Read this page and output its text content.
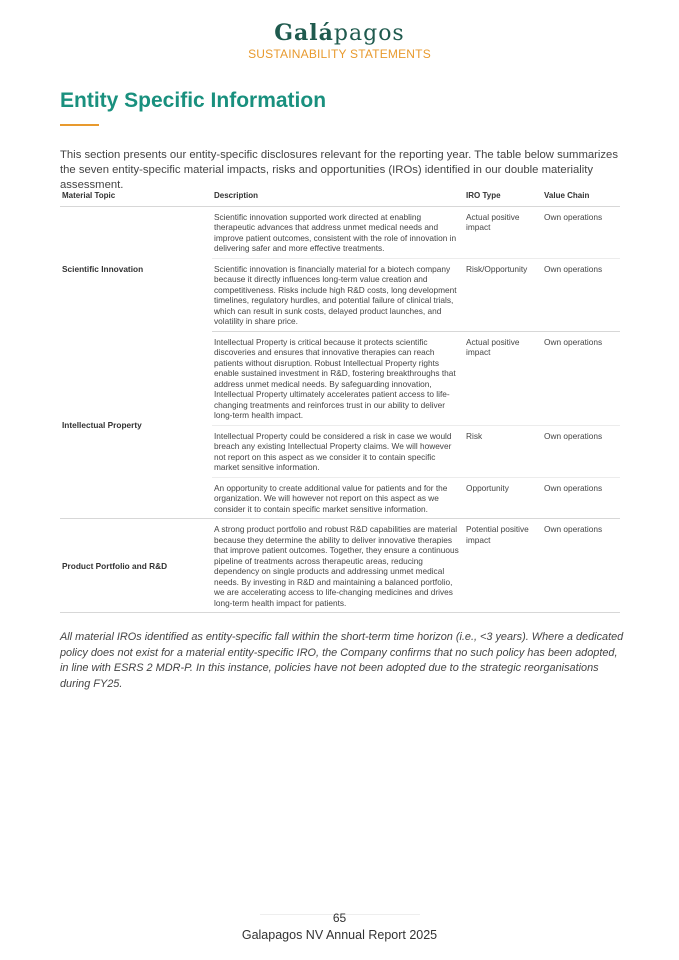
Galápagos
SUSTAINABILITY STATEMENTS
Entity Specific Information

This section presents our entity‑specific disclosures relevant for the reporting year. The table below summarizes the seven entity-specific material impacts, risks and opportunities (IROs) identified in our double materiality assessment.

Material Topic	Description	IRO Type	Value Chain
Scientific Innovation	Scientific innovation supported work directed at enabling therapeutic advances that address unmet medical needs and improve patient outcomes, consistent with the role of innovation in delivering safer and more effective treatments.	Actual positive impact	Own operations
	Scientific innovation is financially material for a biotech company because it directly influences long-term value creation and competitiveness. Risks include high R&D costs, long development timelines, regulatory hurdles, and potential failure of clinical trials, which can result in sunk costs, delayed product launches, and volatility in share price.	Risk/Opportunity	Own operations
Intellectual Property	Intellectual Property is critical because it protects scientific discoveries and ensures that innovative therapies can reach patients without disruption. Robust Intellectual Property rights enable sustained investment in R&D, fostering breakthroughs that address unmet medical needs. By safeguarding innovation, Intellectual Property ultimately accelerates patient access to life-changing treatments and reinforces trust in our ability to deliver long-term health impact.	Actual positive impact	Own operations
	Intellectual Property could be considered a risk in case we would breach any existing Intellectual Property claims. We will however not report on this aspect as we consider it to contain specific market sensitive information.	Risk	Own operations
	An opportunity to create additional value for patients and for the organization. We will however not report on this aspect as we consider it to contain specific market sensitive information.	Opportunity	Own operations
Product Portfolio and R&D	A strong product portfolio and robust R&D capabilities are material because they determine the ability to deliver innovative therapies that improve patient outcomes. Together, they ensure a continuous pipeline of treatments across therapeutic areas, reducing dependency on single products and addressing unmet medical needs. By investing in R&D and maintaining a balanced portfolio, we are accelerating access to life-changing medicines and drives long-term health impact for patients.	Potential positive impact	Own operations

All material IROs identified as entity-specific fall within the short‑term time horizon (i.e., <3 years). Where a dedicated policy does not exist for a material entity‑specific IRO, the Company confirms that no such policy has been adopted, in line with ESRS 2 MDR‑P. In this instance, policies have not been adopted due to the strategic reorganisations during FY25.

65
Galapagos NV Annual Report 2025
